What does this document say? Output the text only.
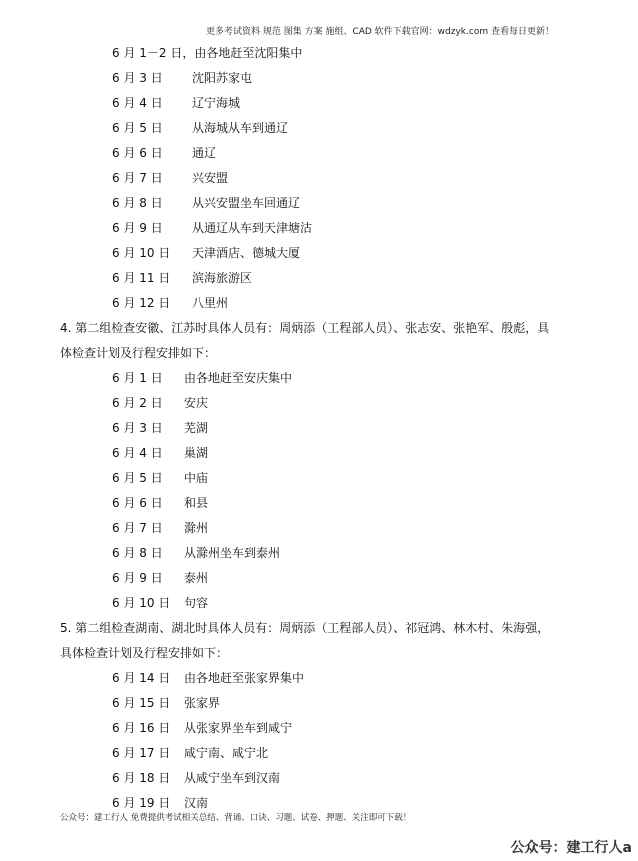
更多考试资料 规范 图集 方案 施组、CAD 软件下载官网：wdzyk.com 查看每日更新！
6 月 1－2 日，由各地赶至沈阳集中
6 月 3 日 沈阳苏家屯
6 月 4 日 辽宁海城
6 月 5 日 从海城从车到通辽
6 月 6 日 通辽
6 月 7 日 兴安盟
6 月 8 日 从兴安盟坐车回通辽
6 月 9 日 从通辽从车到天津塘沽
6 月 10 日 天津酒店、德城大厦
6 月 11 日 滨海旅游区
6 月 12 日 八里州
4. 第二组检查安徽、江苏时具体人员有：周炳添（工程部人员）、张志安、张艳军、殷彪，具
体检查计划及行程安排如下：
6 月 1 日 由各地赶至安庆集中
6 月 2 日 安庆
6 月 3 日 芜湖
6 月 4 日 巢湖
6 月 5 日 中庙
6 月 6 日 和县
6 月 7 日 滁州
6 月 8 日 从滁州坐车到泰州
6 月 9 日 泰州
6 月 10 日 句容
5. 第二组检查湖南、湖北时具体人员有：周炳添（工程部人员）、祁冠鸿、林木村、朱海强，
具体检查计划及行程安排如下：
6 月 14 日 由各地赶至张家界集中
6 月 15 日 张家界
6 月 16 日 从张家界坐车到咸宁
6 月 17 日 咸宁南、咸宁北
6 月 18 日 从咸宁坐车到汉南
6 月 19 日 汉南
公众号：建工行人 免费提供考试相关总结、背诵、口诀、习题、试卷、押题、关注即可下载！
公众号：建工行人a
